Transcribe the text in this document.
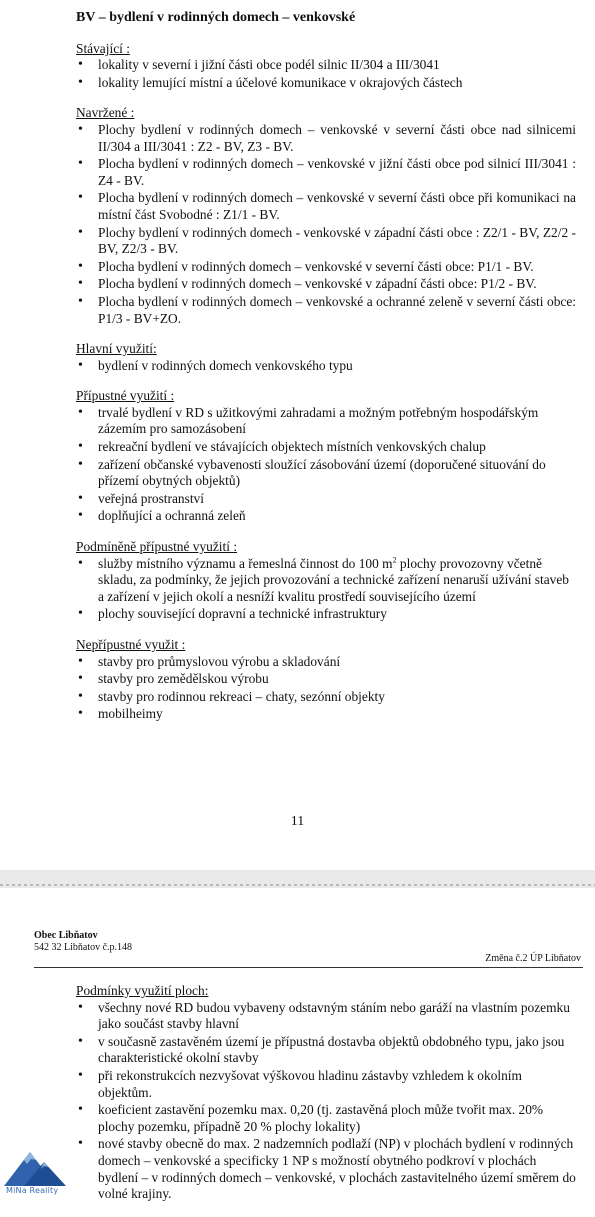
BV – bydlení v rodinných domech – venkovské

Stávající :

• lokality v severní i jižní části obce podél silnic II/304 a III/3041
• lokality lemující místní a účelové komunikace v okrajových částech

Navržené :

• Plochy bydlení v rodinných domech – venkovské v severní části obce nad silnicemi II/304 a III/3041 : Z2 - BV, Z3 - BV.
• Plocha bydlení v rodinných domech – venkovské v jižní části obce pod silnicí III/3041 : Z4 - BV.
• Plocha bydlení v rodinných domech – venkovské v severní části obce při komunikaci na místní část Svobodné : Z1/1 - BV.
• Plochy bydlení v rodinných domech - venkovské v západní části obce : Z2/1 - BV, Z2/2 - BV, Z2/3 - BV.
• Plocha bydlení v rodinných domech – venkovské v severní části obce: P1/1 - BV.
• Plocha bydlení v rodinných domech – venkovské v západní části obce: P1/2 - BV.
• Plocha bydlení v rodinných domech – venkovské a ochranné zeleně v severní části obce: P1/3 - BV+ZO.

Hlavní využití:

• bydlení v rodinných domech venkovského typu

Přípustné využití :

• trvalé bydlení v RD s užitkovými zahradami a možným potřebným hospodářským zázemím pro samozásobení
• rekreační bydlení ve stávajících objektech místních venkovských chalup
• zařízení občanské vybavenosti sloužící zásobování území (doporučené situování do přízemí obytných objektů)
• veřejná prostranství
• doplňující a ochranná zeleň

Podmíněně přípustné využití :

• služby místního významu a řemeslná činnost do 100 $m^2$ plochy provozovny včetně skladu, za podmínky, že jejich provozování a technické zařízení nenaruší užívání staveb a zařízení v jejich okolí a nesníží kvalitu prostředí souvisejícího území
• plochy související dopravní a technické infrastruktury

Nepřípustné využit :

• stavby pro průmyslovou výrobu a skladování
• stavby pro zemědělskou výrobu
• stavby pro rodinnou rekreaci – chaty, sezónní objekty
• mobilheimy
11
Obec Libňatov
542 32 Libňatov č.p.148
Změna č.2 ÚP Libňatov

Podmínky využití ploch:

• všechny nové RD budou vybaveny odstavným stáním nebo garáží na vlastním pozemku jako součást stavby hlavní
• v současně zastavěném území je přípustná dostavba objektů obdobného typu, jako jsou charakteristické okolní stavby
• při rekonstrukcích nezvyšovat výškovou hladinu zástavby vzhledem k okolním objektům.
• koeficient zastavění pozemku max. 0,20 (tj. zastavěná ploch může tvořit max. 20% plochy pozemku, případně 20 % plochy lokality)
• nové stavby obecně do max. 2 nadzemních podlaží (NP) v plochách bydlení v rodinných domech – venkovské a specificky 1 NP s možností obytného podkroví v plochách bydlení – v rodinných domech – venkovské, v plochách zastavitelného území směrem do volné krajiny.
MiNa Reality
